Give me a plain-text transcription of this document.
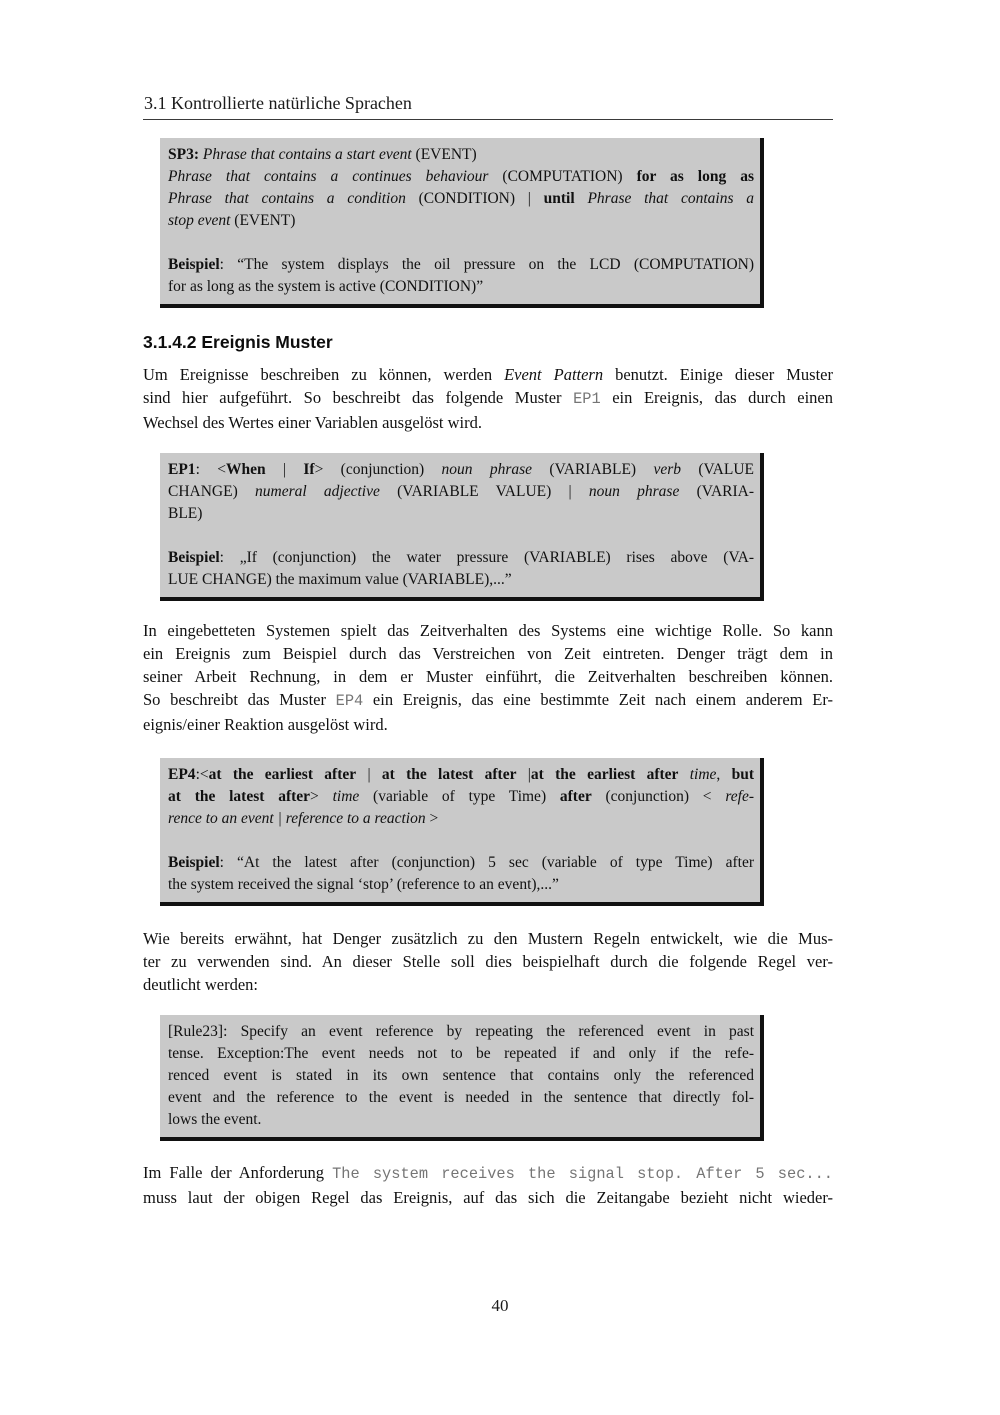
3.1 Kontrollierte natürliche Sprachen
SP3: Phrase that contains a start event (EVENT)
Phrase that contains a continues behaviour (COMPUTATION) for as long as
Phrase that contains a condition (CONDITION) | until Phrase that contains a
stop event (EVENT)
Beispiel: “The system displays the oil pressure on the LCD (COMPUTATION)
for as long as the system is active (CONDITION)”
3.1.4.2 Ereignis Muster
Um Ereignisse beschreiben zu können, werden Event Pattern benutzt. Einige dieser Muster
sind hier aufgeführt. So beschreibt das folgende Muster EP1 ein Ereignis, das durch einen
Wechsel des Wertes einer Variablen ausgelöst wird.
EP1: <When | If> (conjunction) noun phrase (VARIABLE) verb (VALUE
CHANGE) numeral adjective (VARIABLE VALUE) | noun phrase (VARIA-
BLE)
Beispiel: „If (conjunction) the water pressure (VARIABLE) rises above (VA-
LUE CHANGE) the maximum value (VARIABLE),...”
In eingebetteten Systemen spielt das Zeitverhalten des Systems eine wichtige Rolle. So kann
ein Ereignis zum Beispiel durch das Verstreichen von Zeit eintreten. Denger trägt dem in
seiner Arbeit Rechnung, in dem er Muster einführt, die Zeitverhalten beschreiben können.
So beschreibt das Muster EP4 ein Ereignis, das eine bestimmte Zeit nach einem anderem Er-
eignis/einer Reaktion ausgelöst wird.
EP4:<at the earliest after | at the latest after |at the earliest after time, but
at the latest after> time (variable of type Time) after (conjunction) < refe-
rence to an event | reference to a reaction >
Beispiel: “At the latest after (conjunction) 5 sec (variable of type Time) after
the system received the signal ‘stop’ (reference to an event),...”
Wie bereits erwähnt, hat Denger zusätzlich zu den Mustern Regeln entwickelt, wie die Mus-
ter zu verwenden sind. An dieser Stelle soll dies beispielhaft durch die folgende Regel ver-
deutlicht werden:
[Rule23]: Specify an event reference by repeating the referenced event in past
tense. Exception:The event needs not to be repeated if and only if the refe-
renced event is stated in its own sentence that contains only the referenced
event and the reference to the event is needed in the sentence that directly fol-
lows the event.
Im Falle der Anforderung The system receives the signal stop. After 5 sec...
muss laut der obigen Regel das Ereignis, auf das sich die Zeitangabe bezieht nicht wieder-
40
